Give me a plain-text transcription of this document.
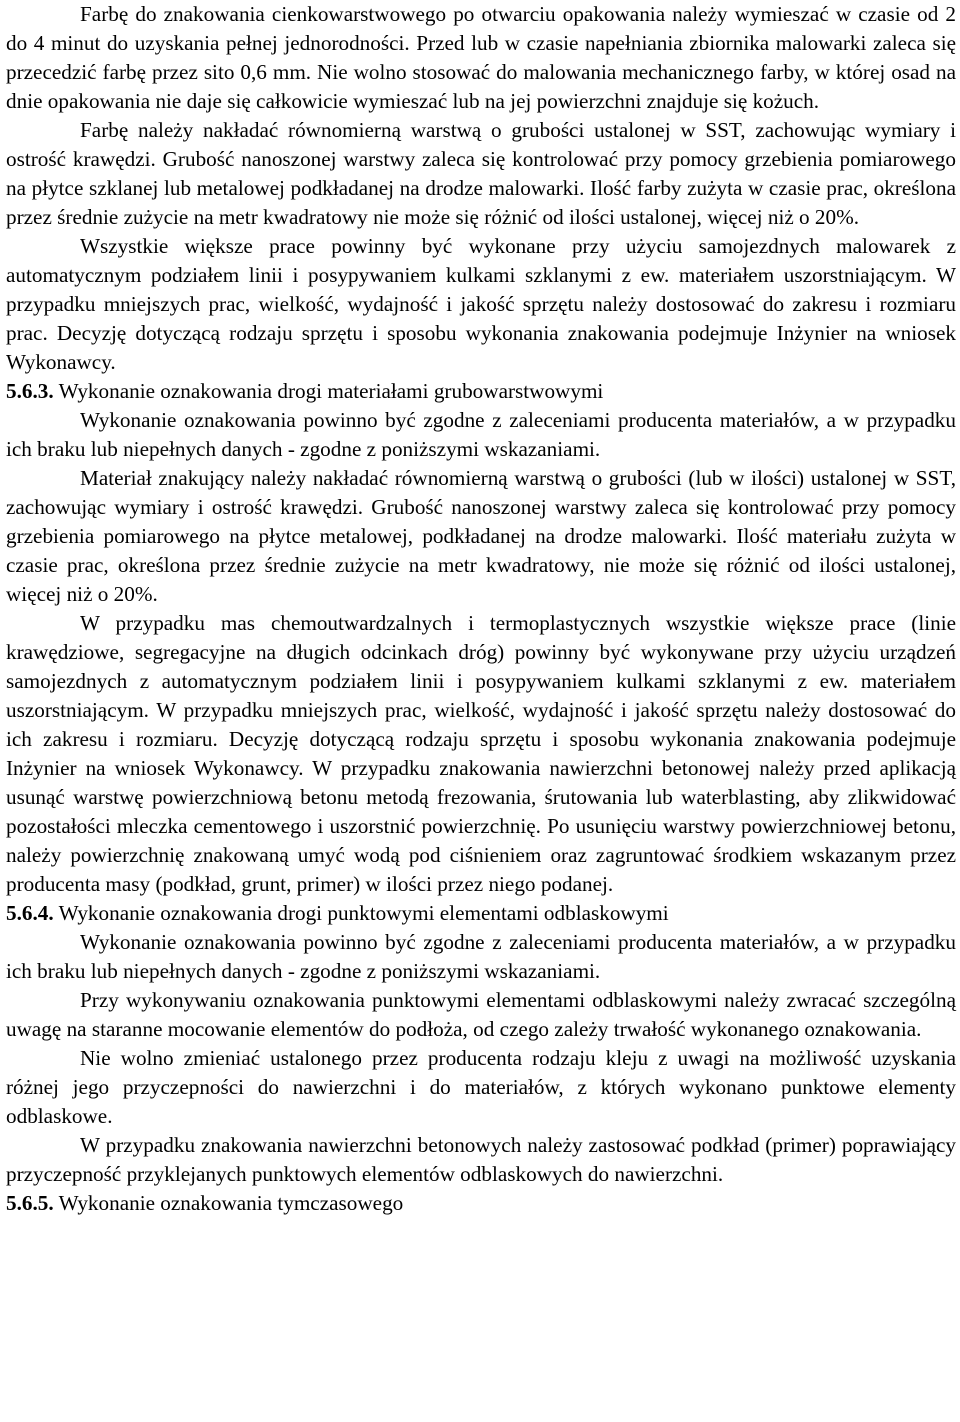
Farbę do znakowania cienkowarstwowego po otwarciu opakowania należy wymieszać w czasie od 2 do 4 minut do uzyskania pełnej jednorodności. Przed lub w czasie napełniania zbiornika malowarki zaleca się przecedzić farbę przez sito 0,6 mm. Nie wolno stosować do malowania mechanicznego farby, w której osad na dnie opakowania nie daje się całkowicie wymieszać lub na jej powierzchni znajduje się kożuch.

Farbę należy nakładać równomierną warstwą o grubości ustalonej w SST, zachowując wymiary i ostrość krawędzi. Grubość nanoszonej warstwy zaleca się kontrolować przy pomocy grzebienia pomiarowego na płytce szklanej lub metalowej podkładanej na drodze malowarki. Ilość farby zużyta w czasie prac, określona przez średnie zużycie na metr kwadratowy nie może się różnić od ilości ustalonej, więcej niż o 20%.

Wszystkie większe prace powinny być wykonane przy użyciu samojezdnych malowarek z automatycznym podziałem linii i posypywaniem kulkami szklanymi z ew. materiałem uszorstniającym. W przypadku mniejszych prac, wielkość, wydajność i jakość sprzętu należy dostosować do zakresu i rozmiaru prac. Decyzję dotyczącą rodzaju sprzętu i sposobu wykonania znakowania podejmuje Inżynier na wniosek Wykonawcy.

5.6.3. Wykonanie oznakowania drogi materiałami grubowarstwowymi

Wykonanie oznakowania powinno być zgodne z zaleceniami producenta materiałów, a w przypadku ich braku lub niepełnych danych - zgodne z poniższymi wskazaniami.

Materiał znakujący należy nakładać równomierną warstwą o grubości (lub w ilości) ustalonej w SST, zachowując wymiary i ostrość krawędzi. Grubość nanoszonej warstwy zaleca się kontrolować przy pomocy grzebienia pomiarowego na płytce metalowej, podkładanej na drodze malowarki. Ilość materiału zużyta w czasie prac, określona przez średnie zużycie na metr kwadratowy, nie może się różnić od ilości ustalonej, więcej niż o 20%.

W przypadku mas chemoutwardzalnych i termoplastycznych wszystkie większe prace (linie krawędziowe, segregacyjne na długich odcinkach dróg) powinny być wykonywane przy użyciu urządzeń samojezdnych z automatycznym podziałem linii i posypywaniem kulkami szklanymi z ew. materiałem uszorstniającym. W przypadku mniejszych prac, wielkość, wydajność i jakość sprzętu należy dostosować do ich zakresu i rozmiaru. Decyzję dotyczącą rodzaju sprzętu i sposobu wykonania znakowania podejmuje Inżynier na wniosek Wykonawcy. W przypadku znakowania nawierzchni betonowej należy przed aplikacją usunąć warstwę powierzchniową betonu metodą frezowania, śrutowania lub waterblasting, aby zlikwidować pozostałości mleczka cementowego i uszorstnić powierzchnię. Po usunięciu warstwy powierzchniowej betonu, należy powierzchnię znakowaną umyć wodą pod ciśnieniem oraz zagruntować środkiem wskazanym przez producenta masy (podkład, grunt, primer) w ilości przez niego podanej.

5.6.4. Wykonanie oznakowania drogi punktowymi elementami odblaskowymi

Wykonanie oznakowania powinno być zgodne z zaleceniami producenta materiałów, a w przypadku ich braku lub niepełnych danych - zgodne z poniższymi wskazaniami.

Przy wykonywaniu oznakowania punktowymi elementami odblaskowymi należy zwracać szczególną uwagę na staranne mocowanie elementów do podłoża, od czego zależy trwałość wykonanego oznakowania.

Nie wolno zmieniać ustalonego przez producenta rodzaju kleju z uwagi na możliwość uzyskania różnej jego przyczepności do nawierzchni i do materiałów, z których wykonano punktowe elementy odblaskowe.

W przypadku znakowania nawierzchni betonowych należy zastosować podkład (primer) poprawiający przyczepność przyklejanych punktowych elementów odblaskowych do nawierzchni.

5.6.5. Wykonanie oznakowania tymczasowego
